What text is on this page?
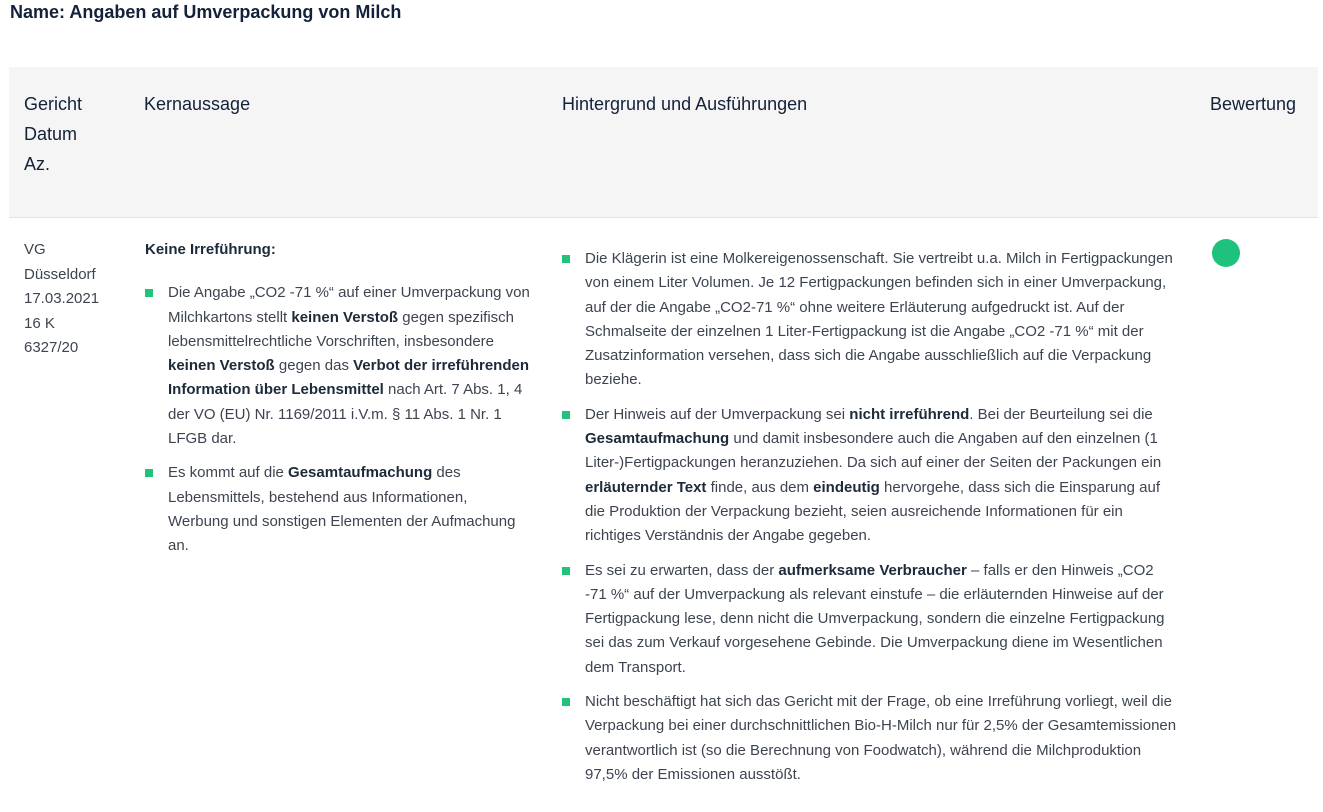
Name: Angaben auf Umverpackung von Milch
Gericht
Datum
Az.
Kernaussage	Hintergrund und Ausführungen	Bewertung
VG
Düsseldorf
17.03.2021
16 K
6327/20

Keine Irreführung:

Die Angabe „CO2 -71 %“ auf einer Umverpackung von Milchkartons stellt keinen Verstoß gegen spezifisch lebensmittelrechtliche Vorschriften, insbesondere keinen Verstoß gegen das Verbot der irreführenden Information über Lebensmittel nach Art. 7 Abs. 1, 4 der VO (EU) Nr. 1169/2011 i.V.m. § 11 Abs. 1 Nr. 1 LFGB dar.
Es kommt auf die Gesamtaufmachung des Lebensmittels, bestehend aus Informationen, Werbung und sonstigen Elementen der Aufmachung an.
Die Klägerin ist eine Molkereigenossenschaft. Sie vertreibt u.a. Milch in Fertigpackungen von einem Liter Volumen. Je 12 Fertigpackungen befinden sich in einer Umverpackung, auf der die Angabe „CO2-71 %“ ohne weitere Erläuterung aufgedruckt ist. Auf der Schmalseite der einzelnen 1 Liter-Fertigpackung ist die Angabe „CO2 -71 %“ mit der Zusatzinformation versehen, dass sich die Angabe ausschließlich auf die Verpackung beziehe.
Der Hinweis auf der Umverpackung sei nicht irreführend. Bei der Beurteilung sei die Gesamtaufmachung und damit insbesondere auch die Angaben auf den einzelnen (1 Liter-)Fertigpackungen heranzuziehen. Da sich auf einer der Seiten der Packungen ein erläuternder Text finde, aus dem eindeutig hervorgehe, dass sich die Einsparung auf die Produktion der Verpackung bezieht, seien ausreichende Informationen für ein richtiges Verständnis der Angabe gegeben.
Es sei zu erwarten, dass der aufmerksame Verbraucher – falls er den Hinweis „CO2 -71 %“ auf der Umverpackung als relevant einstufe – die erläuternden Hinweise auf der Fertigpackung lese, denn nicht die Umverpackung, sondern die einzelne Fertigpackung sei das zum Verkauf vorgesehene Gebinde. Die Umverpackung diene im Wesentlichen dem Transport.
Nicht beschäftigt hat sich das Gericht mit der Frage, ob eine Irreführung vorliegt, weil die Verpackung bei einer durchschnittlichen Bio-H-Milch nur für 2,5% der Gesamtemissionen verantwortlich ist (so die Berechnung von Foodwatch), während die Milchproduktion 97,5% der Emissionen ausstößt.
